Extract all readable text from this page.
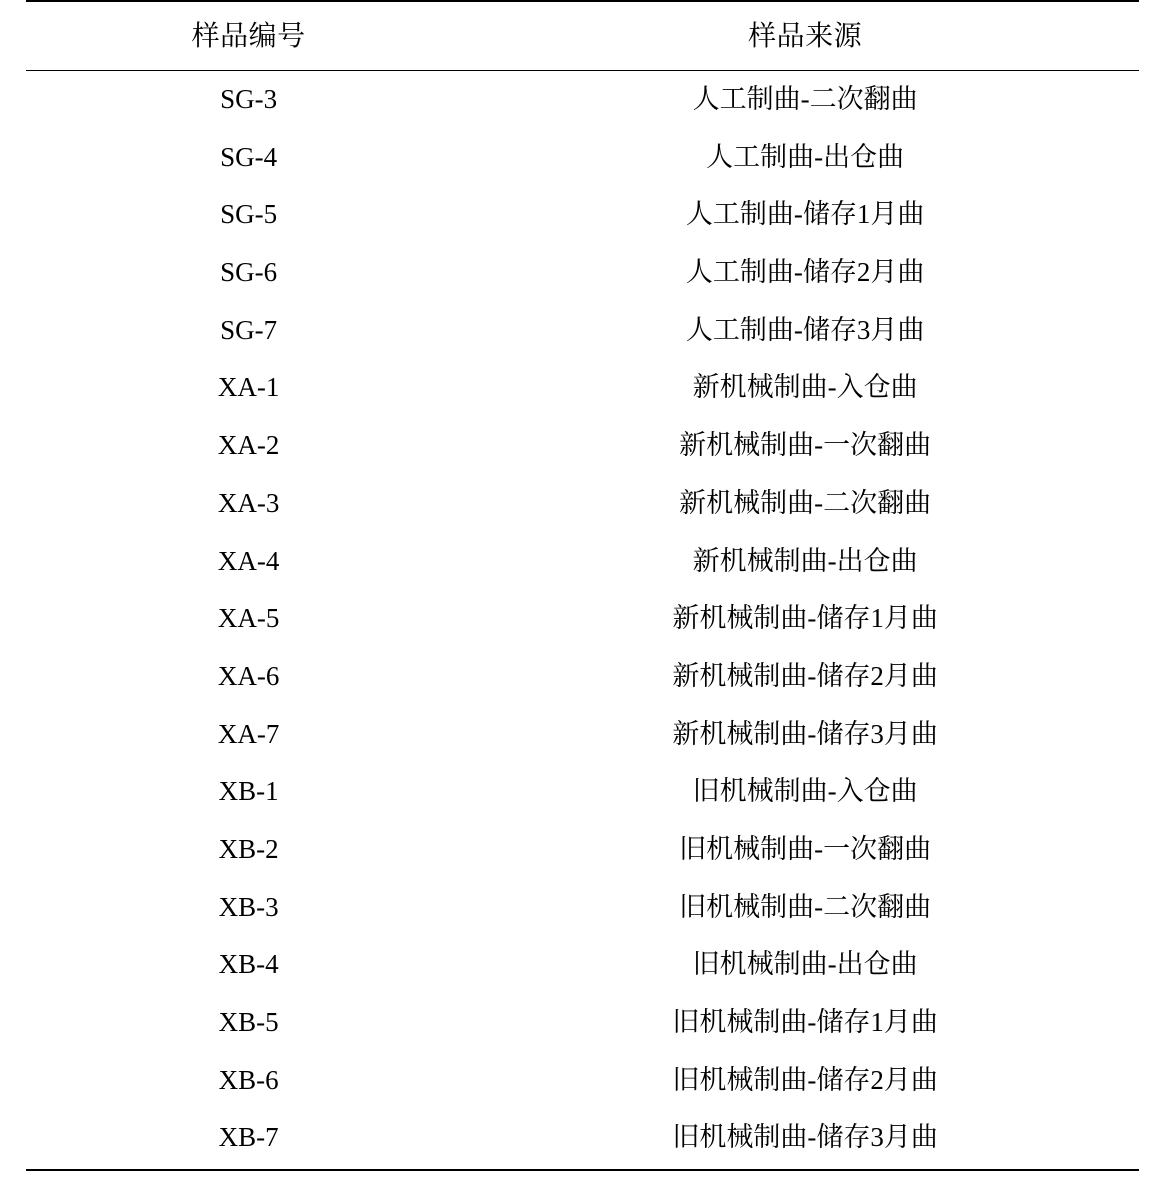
样品编号	样品来源
SG-3	人工制曲-二次翻曲
SG-4	人工制曲-出仓曲
SG-5	人工制曲-储存1月曲
SG-6	人工制曲-储存2月曲
SG-7	人工制曲-储存3月曲
XA-1	新机械制曲-入仓曲
XA-2	新机械制曲-一次翻曲
XA-3	新机械制曲-二次翻曲
XA-4	新机械制曲-出仓曲
XA-5	新机械制曲-储存1月曲
XA-6	新机械制曲-储存2月曲
XA-7	新机械制曲-储存3月曲
XB-1	旧机械制曲-入仓曲
XB-2	旧机械制曲-一次翻曲
XB-3	旧机械制曲-二次翻曲
XB-4	旧机械制曲-出仓曲
XB-5	旧机械制曲-储存1月曲
XB-6	旧机械制曲-储存2月曲
XB-7	旧机械制曲-储存3月曲
